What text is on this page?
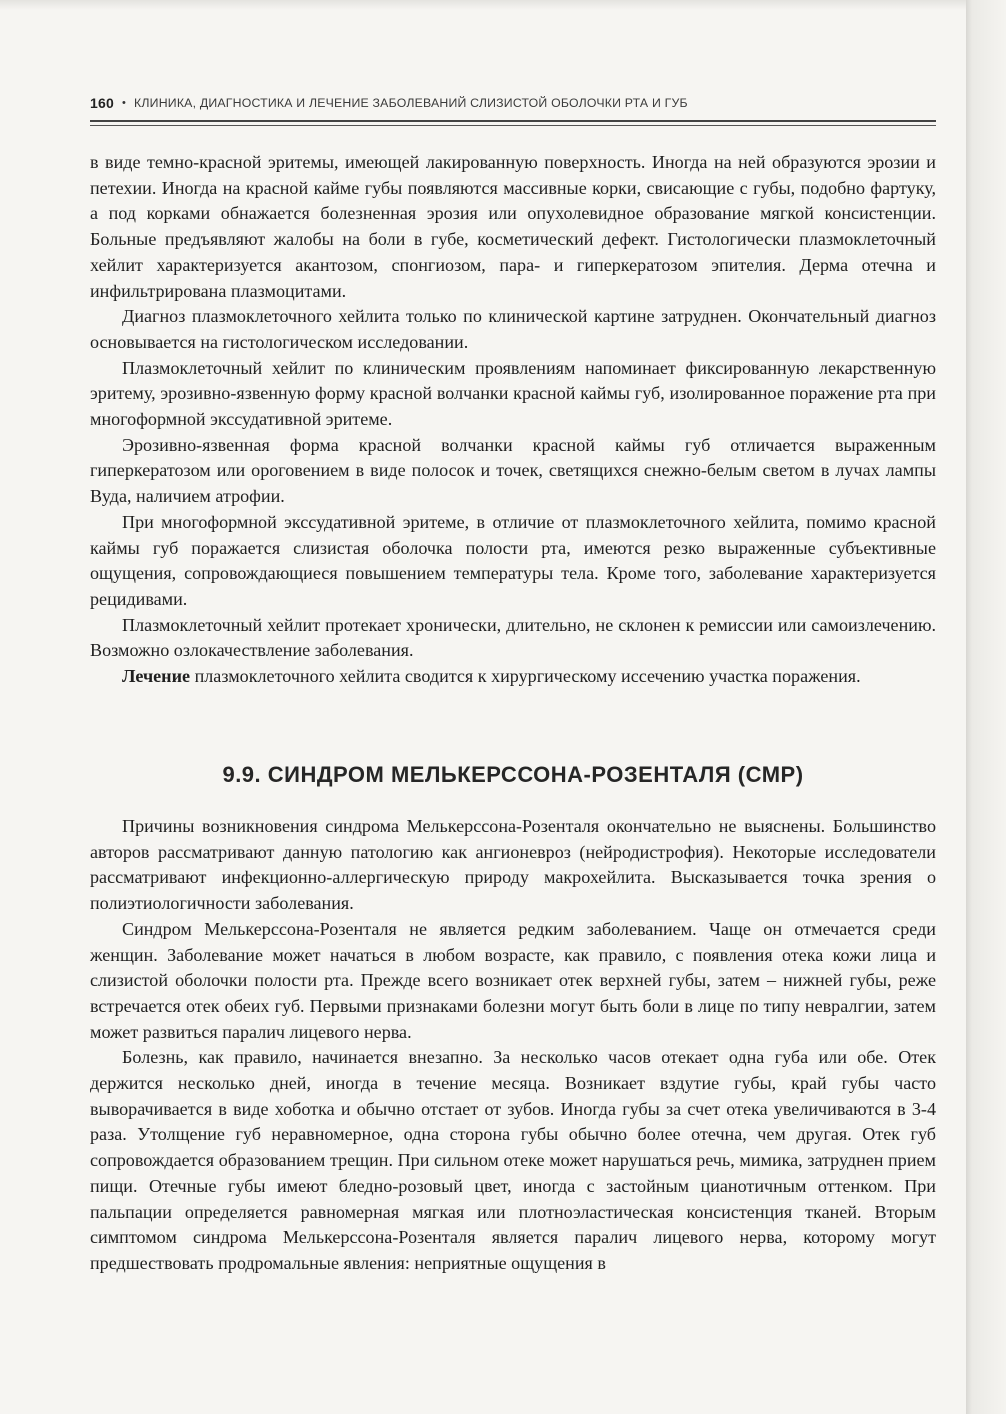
160 • КЛИНИКА, ДИАГНОСТИКА И ЛЕЧЕНИЕ ЗАБОЛЕВАНИЙ СЛИЗИСТОЙ ОБОЛОЧКИ РТА И ГУБ

в виде темно-красной эритемы, имеющей лакированную поверхность. Иногда на ней образуются эрозии и петехии. Иногда на красной кайме губы появляются массивные корки, свисающие с губы, подобно фартуку, а под корками обнажается болезненная эрозия или опухолевидное образование мягкой консистенции. Больные предъявляют жалобы на боли в губе, косметический дефект. Гистологически плазмоклеточный хейлит характеризуется акантозом, спонгиозом, пара- и гиперкератозом эпителия. Дерма отечна и инфильтрирована плазмоцитами.

Диагноз плазмоклеточного хейлита только по клинической картине затруднен. Окончательный диагноз основывается на гистологическом исследовании.

Плазмоклеточный хейлит по клиническим проявлениям напоминает фиксированную лекарственную эритему, эрозивно-язвенную форму красной волчанки красной каймы губ, изолированное поражение рта при многоформной экссудативной эритеме.

Эрозивно-язвенная форма красной волчанки красной каймы губ отличается выраженным гиперкератозом или ороговением в виде полосок и точек, светящихся снежно-белым светом в лучах лампы Вуда, наличием атрофии.

При многоформной экссудативной эритеме, в отличие от плазмоклеточного хейлита, помимо красной каймы губ поражается слизистая оболочка полости рта, имеются резко выраженные субъективные ощущения, сопровождающиеся повышением температуры тела. Кроме того, заболевание характеризуется рецидивами.

Плазмоклеточный хейлит протекает хронически, длительно, не склонен к ремиссии или самоизлечению. Возможно озлокачествление заболевания.

Лечение плазмоклеточного хейлита сводится к хирургическому иссечению участка поражения.

9.9. СИНДРОМ МЕЛЬКЕРССОНА-РОЗЕНТАЛЯ (СМР)

Причины возникновения синдрома Мелькерссона-Розенталя окончательно не выяснены. Большинство авторов рассматривают данную патологию как ангионевроз (нейродистрофия). Некоторые исследователи рассматривают инфекционно-аллергическую природу макрохейлита. Высказывается точка зрения о полиэтиологичности заболевания.

Синдром Мелькерссона-Розенталя не является редким заболеванием. Чаще он отмечается среди женщин. Заболевание может начаться в любом возрасте, как правило, с появления отека кожи лица и слизистой оболочки полости рта. Прежде всего возникает отек верхней губы, затем – нижней губы, реже встречается отек обеих губ. Первыми признаками болезни могут быть боли в лице по типу невралгии, затем может развиться паралич лицевого нерва.

Болезнь, как правило, начинается внезапно. За несколько часов отекает одна губа или обе. Отек держится несколько дней, иногда в течение месяца. Возникает вздутие губы, край губы часто выворачивается в виде хоботка и обычно отстает от зубов. Иногда губы за счет отека увеличиваются в 3-4 раза. Утолщение губ неравномерное, одна сторона губы обычно более отечна, чем другая. Отек губ сопровождается образованием трещин. При сильном отеке может нарушаться речь, мимика, затруднен прием пищи. Отечные губы имеют бледно-розовый цвет, иногда с застойным цианотичным оттенком. При пальпации определяется равномерная мягкая или плотноэластическая консистенция тканей. Вторым симптомом синдрома Мелькерссона-Розенталя является паралич лицевого нерва, которому могут предшествовать продромальные явления: неприятные ощущения в
